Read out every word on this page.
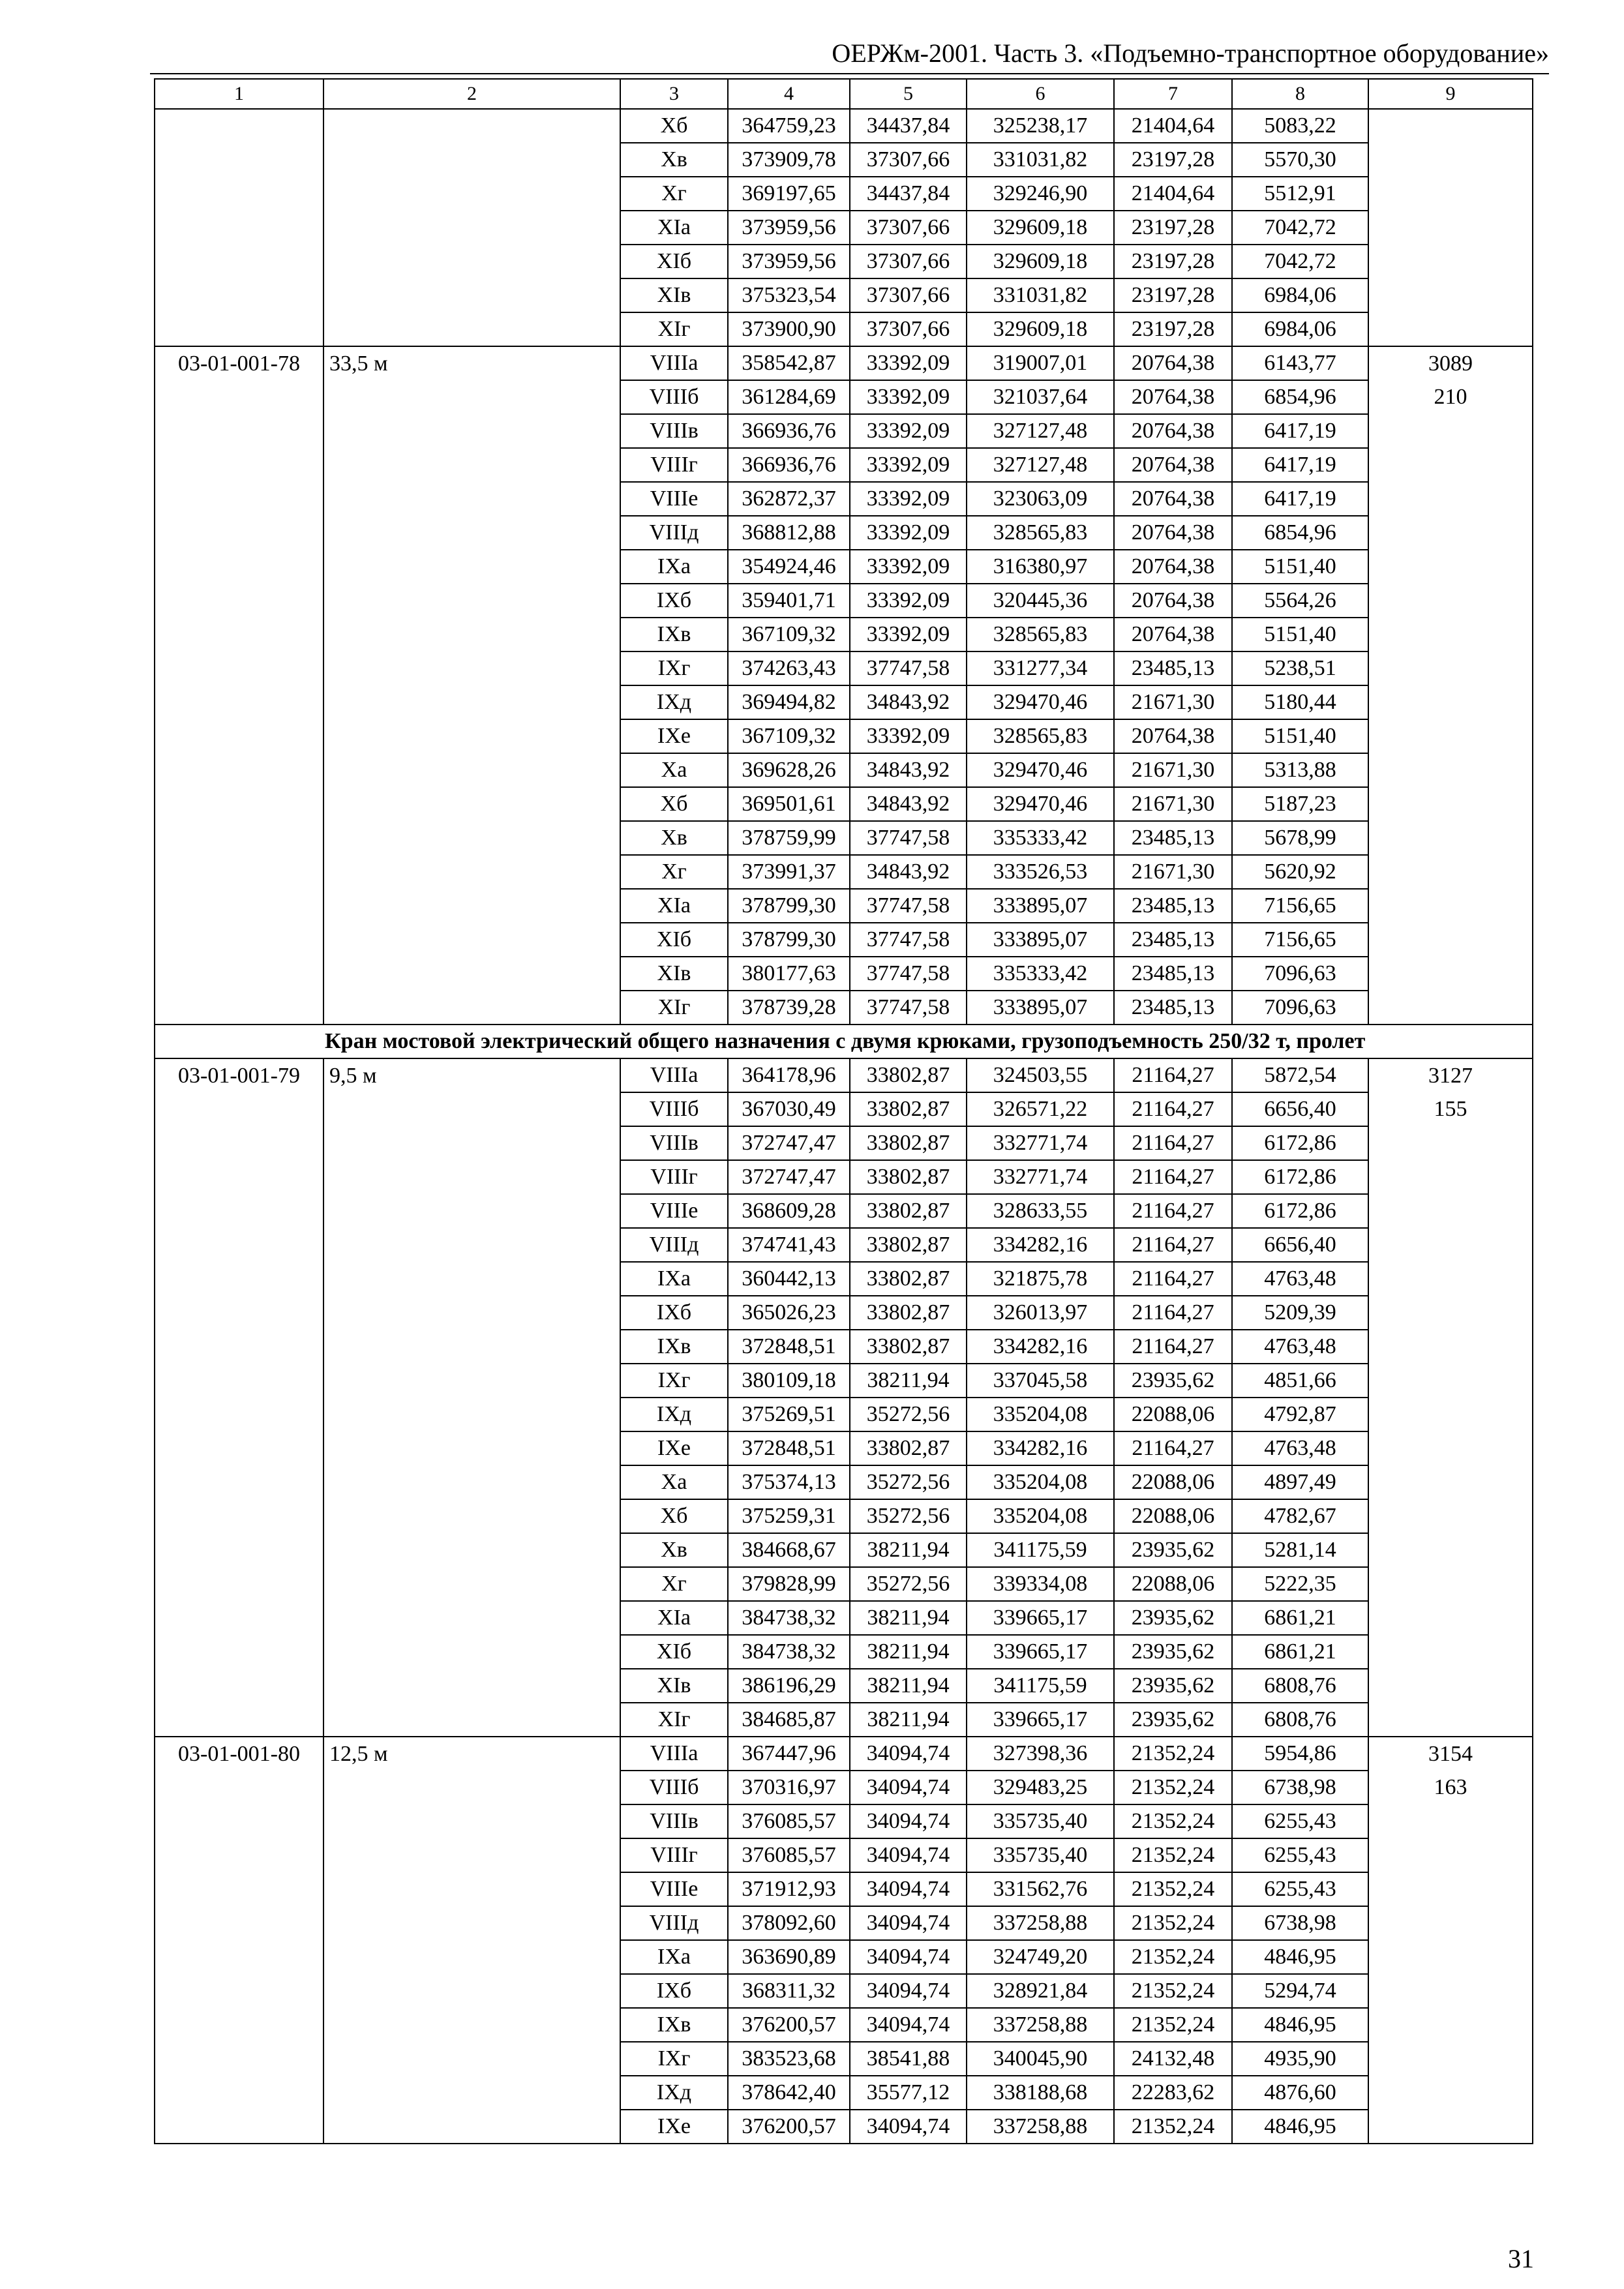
ОЕРЖм-2001. Часть 3. «Подъемно-транспортное оборудование»
1	2	3	4	5	6	7	8	9
		Xб	364759,23	34437,84	325238,17	21404,64	5083,22	
		Xв	373909,78	37307,66	331031,82	23197,28	5570,30	
		Xг	369197,65	34437,84	329246,90	21404,64	5512,91	
		XIа	373959,56	37307,66	329609,18	23197,28	7042,72	
		XIб	373959,56	37307,66	329609,18	23197,28	7042,72	
		XIв	375323,54	37307,66	331031,82	23197,28	6984,06	
		XIг	373900,90	37307,66	329609,18	23197,28	6984,06	
03-01-001-78	33,5 м	VIIIа	358542,87	33392,09	319007,01	20764,38	6143,77	3089
		VIIIб	361284,69	33392,09	321037,64	20764,38	6854,96	210
		VIIIв	366936,76	33392,09	327127,48	20764,38	6417,19	
		VIIIг	366936,76	33392,09	327127,48	20764,38	6417,19	
		VIIIе	362872,37	33392,09	323063,09	20764,38	6417,19	
		VIIIд	368812,88	33392,09	328565,83	20764,38	6854,96	
		IXа	354924,46	33392,09	316380,97	20764,38	5151,40	
		IXб	359401,71	33392,09	320445,36	20764,38	5564,26	
		IXв	367109,32	33392,09	328565,83	20764,38	5151,40	
		IXг	374263,43	37747,58	331277,34	23485,13	5238,51	
		IXд	369494,82	34843,92	329470,46	21671,30	5180,44	
		IXе	367109,32	33392,09	328565,83	20764,38	5151,40	
		Xа	369628,26	34843,92	329470,46	21671,30	5313,88	
		Xб	369501,61	34843,92	329470,46	21671,30	5187,23	
		Xв	378759,99	37747,58	335333,42	23485,13	5678,99	
		Xг	373991,37	34843,92	333526,53	21671,30	5620,92	
		XIа	378799,30	37747,58	333895,07	23485,13	7156,65	
		XIб	378799,30	37747,58	333895,07	23485,13	7156,65	
		XIв	380177,63	37747,58	335333,42	23485,13	7096,63	
		XIг	378739,28	37747,58	333895,07	23485,13	7096,63	
Кран мостовой электрический общего назначения с двумя крюками, грузоподъемность 250/32 т, пролет								
03-01-001-79	9,5 м	VIIIа	364178,96	33802,87	324503,55	21164,27	5872,54	3127
		VIIIб	367030,49	33802,87	326571,22	21164,27	6656,40	155
		VIIIв	372747,47	33802,87	332771,74	21164,27	6172,86	
		VIIIг	372747,47	33802,87	332771,74	21164,27	6172,86	
		VIIIе	368609,28	33802,87	328633,55	21164,27	6172,86	
		VIIIд	374741,43	33802,87	334282,16	21164,27	6656,40	
		IXа	360442,13	33802,87	321875,78	21164,27	4763,48	
		IXб	365026,23	33802,87	326013,97	21164,27	5209,39	
		IXв	372848,51	33802,87	334282,16	21164,27	4763,48	
		IXг	380109,18	38211,94	337045,58	23935,62	4851,66	
		IXд	375269,51	35272,56	335204,08	22088,06	4792,87	
		IXе	372848,51	33802,87	334282,16	21164,27	4763,48	
		Xа	375374,13	35272,56	335204,08	22088,06	4897,49	
		Xб	375259,31	35272,56	335204,08	22088,06	4782,67	
		Xв	384668,67	38211,94	341175,59	23935,62	5281,14	
		Xг	379828,99	35272,56	339334,08	22088,06	5222,35	
		XIа	384738,32	38211,94	339665,17	23935,62	6861,21	
		XIб	384738,32	38211,94	339665,17	23935,62	6861,21	
		XIв	386196,29	38211,94	341175,59	23935,62	6808,76	
		XIг	384685,87	38211,94	339665,17	23935,62	6808,76	
03-01-001-80	12,5 м	VIIIа	367447,96	34094,74	327398,36	21352,24	5954,86	3154
		VIIIб	370316,97	34094,74	329483,25	21352,24	6738,98	163
		VIIIв	376085,57	34094,74	335735,40	21352,24	6255,43	
		VIIIг	376085,57	34094,74	335735,40	21352,24	6255,43	
		VIIIе	371912,93	34094,74	331562,76	21352,24	6255,43	
		VIIIд	378092,60	34094,74	337258,88	21352,24	6738,98	
		IXа	363690,89	34094,74	324749,20	21352,24	4846,95	
		IXб	368311,32	34094,74	328921,84	21352,24	5294,74	
		IXв	376200,57	34094,74	337258,88	21352,24	4846,95	
		IXг	383523,68	38541,88	340045,90	24132,48	4935,90	
		IXд	378642,40	35577,12	338188,68	22283,62	4876,60	
		IXе	376200,57	34094,74	337258,88	21352,24	4846,95	
31
